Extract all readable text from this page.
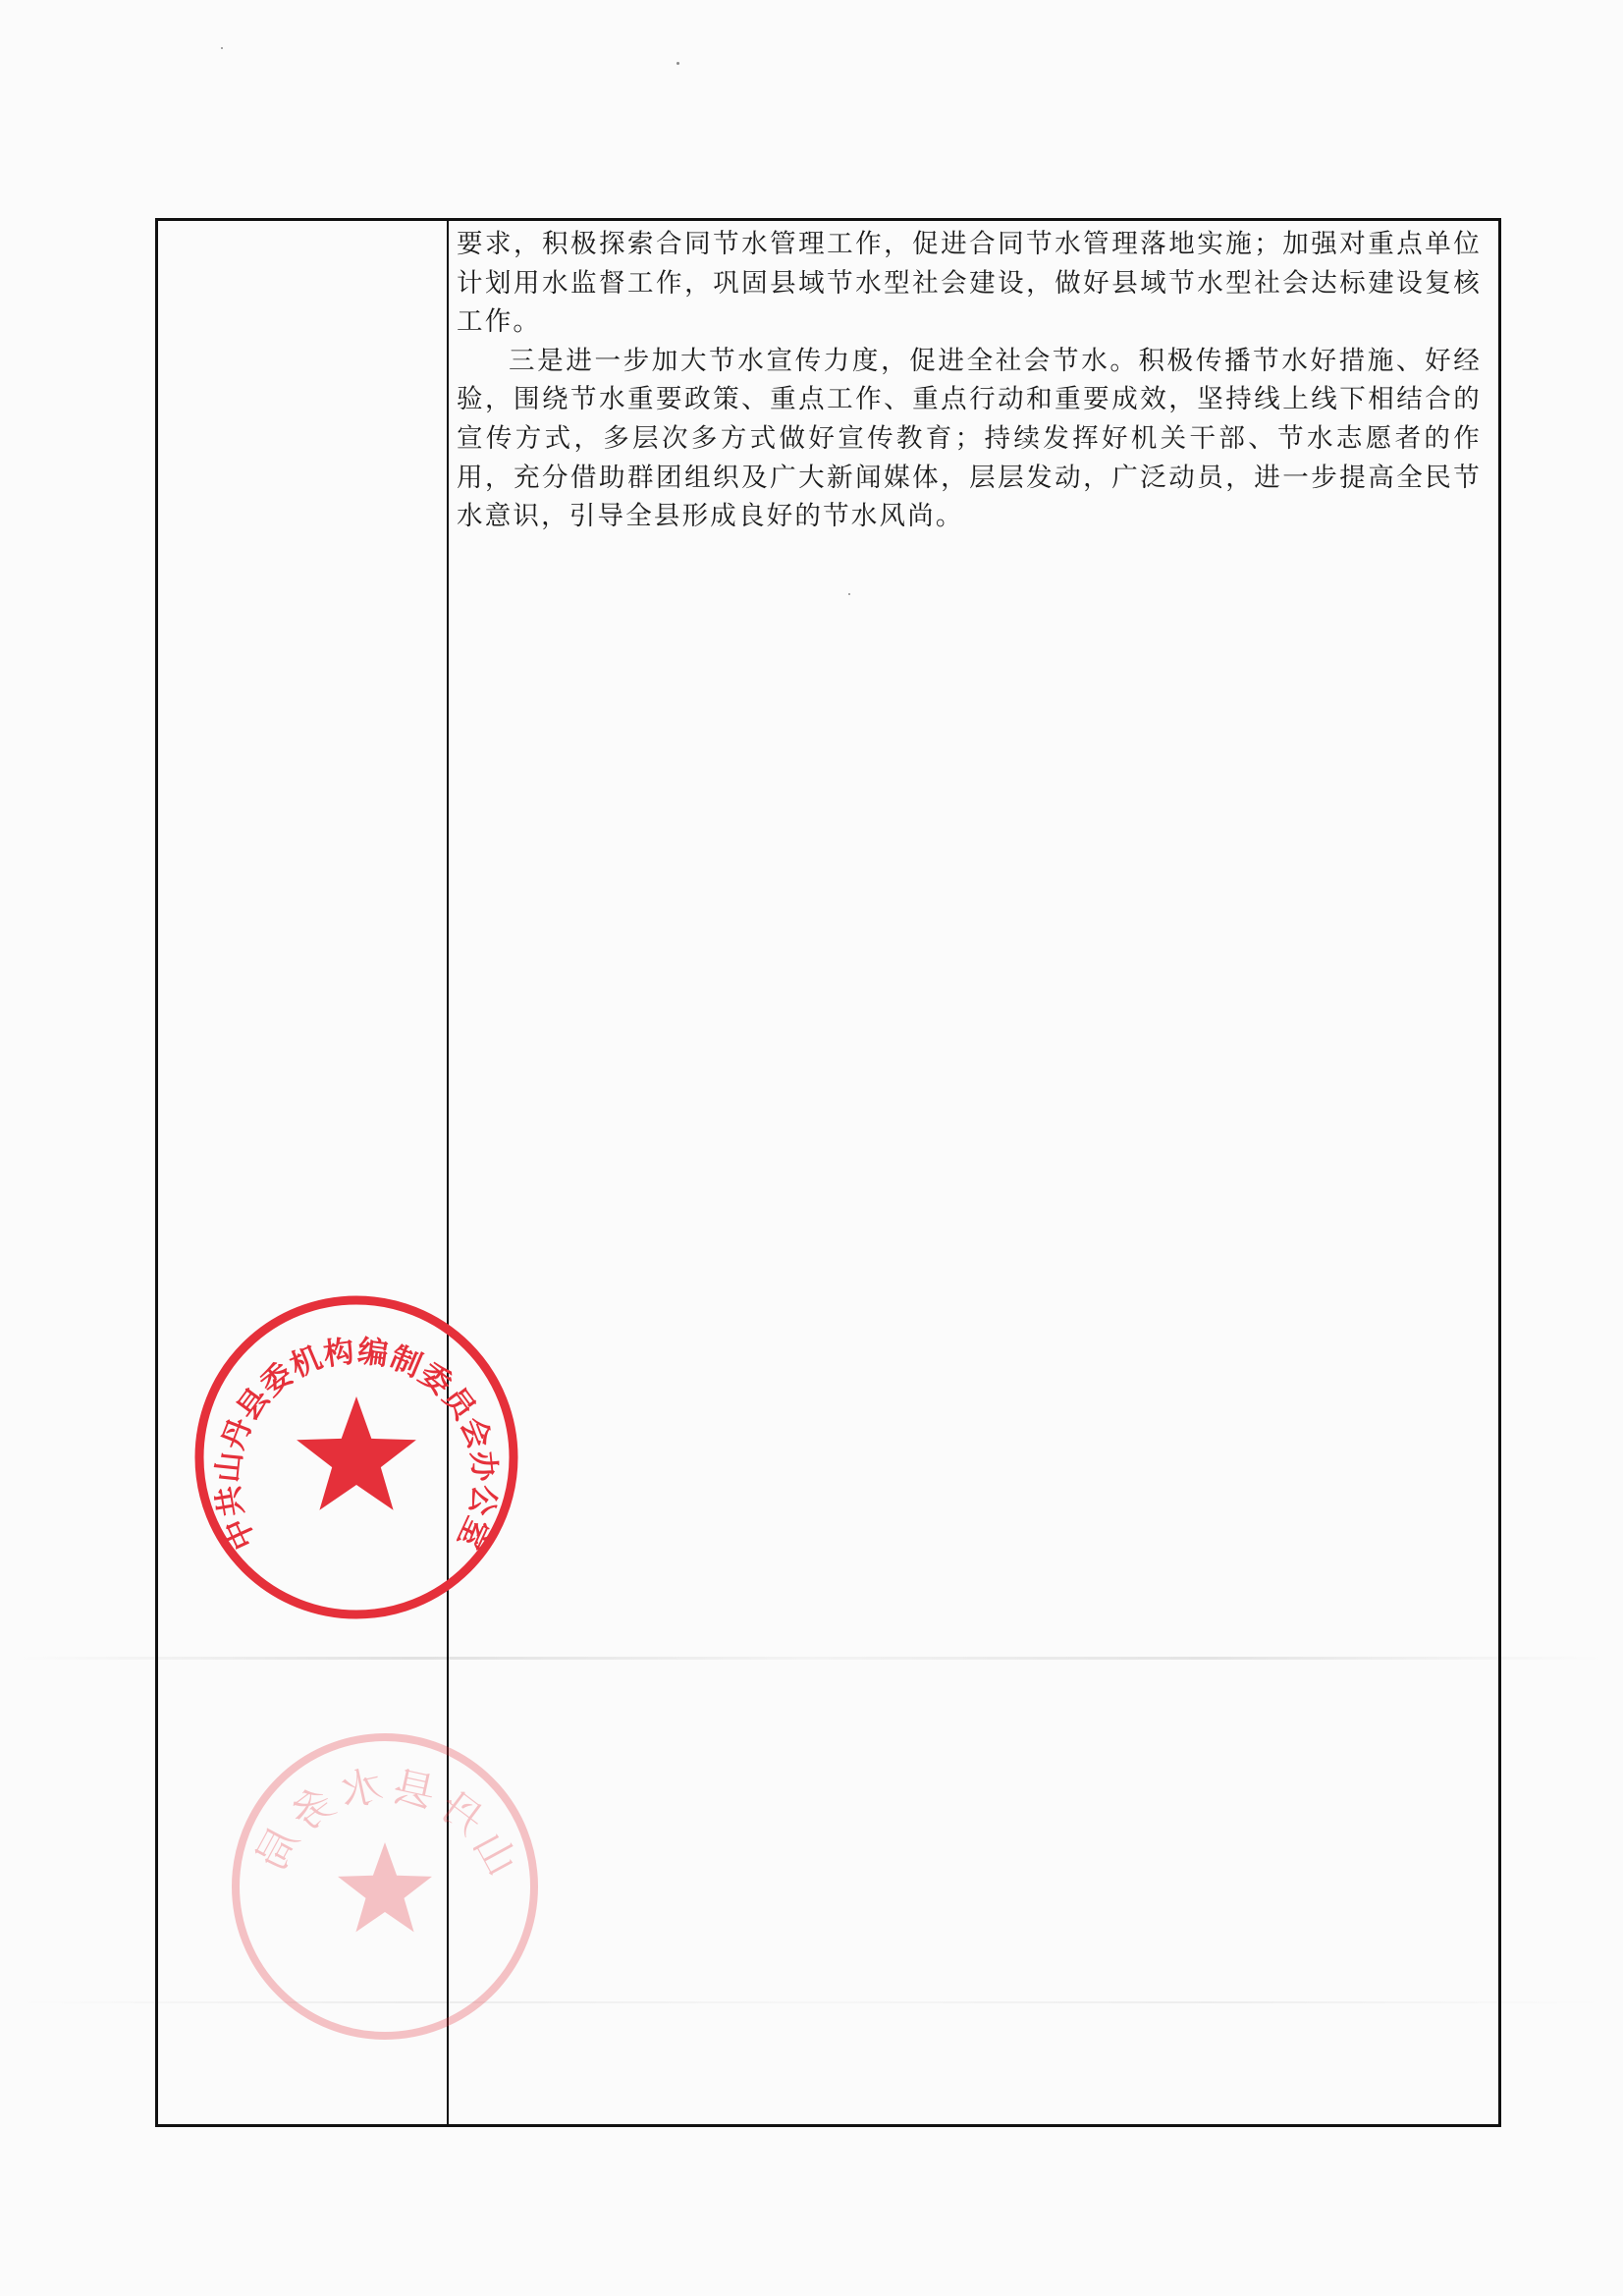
要求，积极探索合同节水管理工作，促进合同节水管理落地实施；加强对重点单位计划用水监督工作，巩固县域节水型社会建设，做好县域节水型社会达标建设复核工作。

三是进一步加大节水宣传力度，促进全社会节水。积极传播节水好措施、好经验，围绕节水重要政策、重点工作、重点行动和重要成效，坚持线上线下相结合的宣传方式，多层次多方式做好宣传教育；持续发挥好机关干部、节水志愿者的作用，充分借助群团组织及广大新闻媒体，层层发动，广泛动员，进一步提高全民节水意识，引导全县形成良好的节水风尚。

中共山丹县委机构编制委员会办公室
山丹县水务局
